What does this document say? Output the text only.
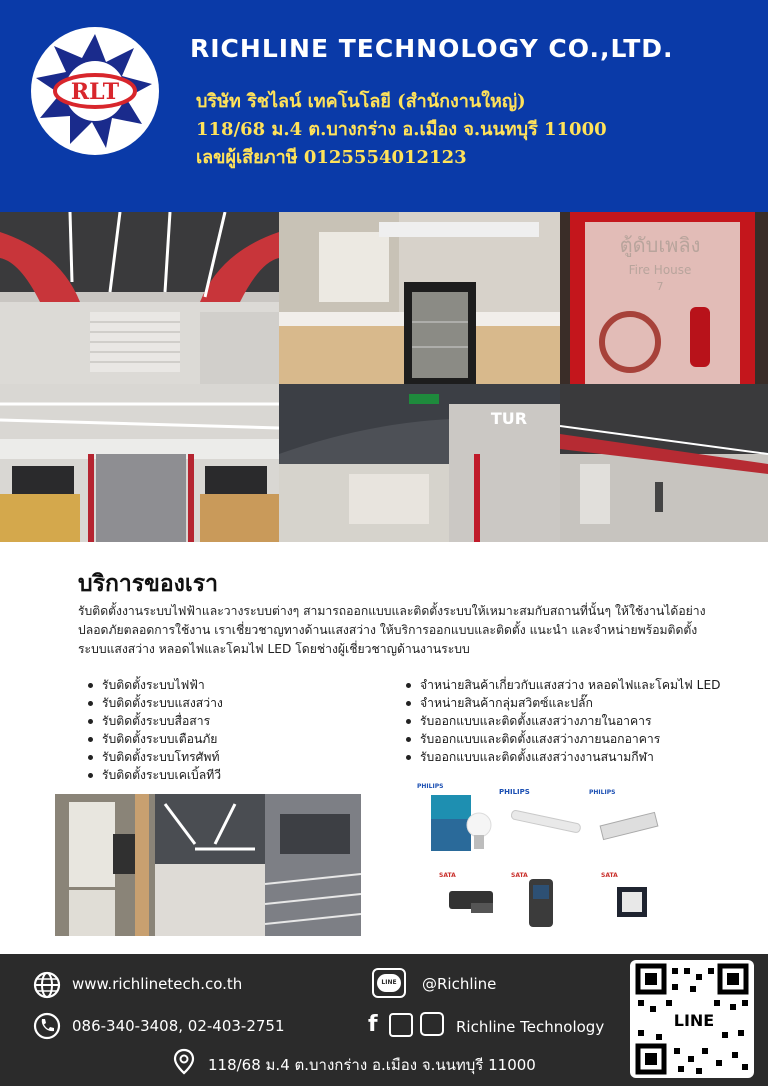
RLT
RICHLINE TECHNOLOGY CO.,LTD.
บริษัท ริชไลน์ เทคโนโลยี (สำนักงานใหญ่)
118/68 ม.4 ต.บางกร่าง อ.เมือง จ.นนทบุรี 11000
เลขผู้เสียภาษี 0125554012123
ตู้ดับเพลิง
Fire House
7
TUR
บริการของเรา

รับติดตั้งงานระบบไฟฟ้าและวางระบบต่างๆ สามารถออกแบบและติดตั้งระบบให้เหมาะสมกับสถานที่นั้นๆ ให้ใช้งานได้อย่างปลอดภัยตลอดการใช้งาน เราเชี่ยวชาญทางด้านแสงสว่าง ให้บริการออกแบบและติดตั้ง แนะนำ และจำหน่ายพร้อมติดตั้งระบบแสงสว่าง หลอดไฟและโคมไฟ LED โดยช่างผู้เชี่ยวชาญด้านงานระบบ

รับติดตั้งระบบไฟฟ้า
รับติดตั้งระบบแสงสว่าง
รับติดตั้งระบบสื่อสาร
รับติดตั้งระบบเตือนภัย
รับติดตั้งระบบโทรศัพท์
รับติดตั้งระบบเคเบิ้ลทีวี
จำหน่ายสินค้าเกี่ยวกับแสงสว่าง หลอดไฟและโคมไฟ LED
จำหน่ายสินค้ากลุ่มสวิตซ์และปลั๊ก
รับออกแบบและติดตั้งแสงสว่างภายในอาคาร
รับออกแบบและติดตั้งแสงสว่างภายนอกอาคาร
รับออกแบบและติดตั้งแสงสว่างงานสนามกีฬา
PHILIPS
PHILIPS	PHILIPS
SATA	SATA	SATA
www.richlinetech.co.th
086-340-3408, 02-403-2751
LINE @Richline
f	Richline Technology
118/68 ม.4 ต.บางกร่าง อ.เมือง จ.นนทบุรี 11000
LINE
